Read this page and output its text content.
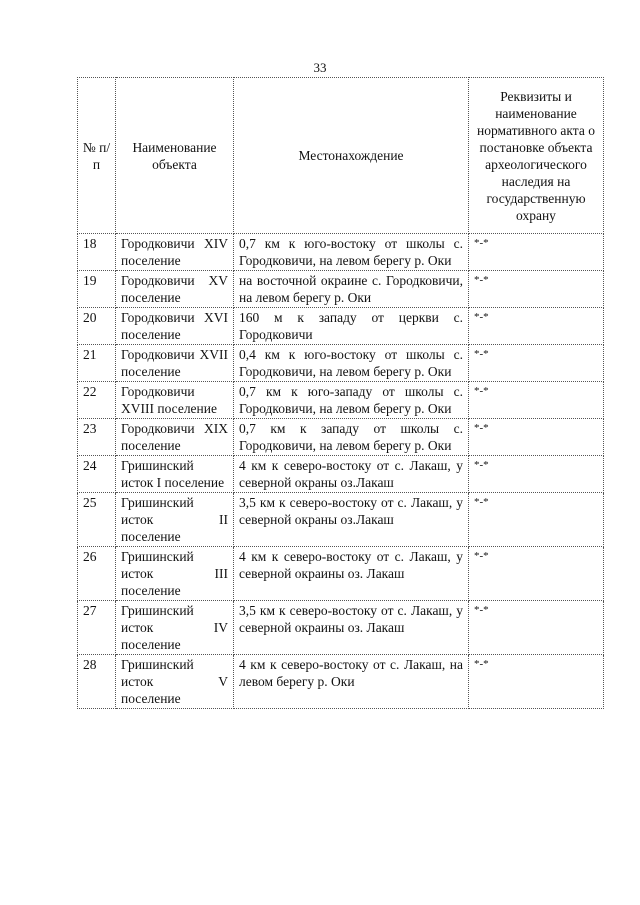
33
№ п/п	Наименование объекта	Местонахождение	Реквизиты и наименование нормативного акта о постановке объекта археологического наследия на государственную охрану
18	Городковичи XIV поселение	0,7 км к юго-востоку от школы с. Городковичи, на левом берегу р. Оки	*-*
19	Городковичи XV поселение	на восточной окраине с. Городковичи, на левом берегу р. Оки	*-*
20	Городковичи XVI поселение	160 м к западу от церкви с. Городковичи	*-*
21	Городковичи XVII поселение	0,4 км к юго-востоку от школы с. Городковичи, на левом берегу р. Оки	*-*
22	Городковичи XVIII поселение	0,7 км к юго-западу от школы с. Городковичи, на левом берегу р. Оки	*-*
23	Городковичи XIX поселение	0,7 км к западу от школы с. Городковичи, на левом берегу р. Оки	*-*
24	Гришинский исток I поселение	4 км к северо-востоку от с. Лакаш, у северной окраны оз.Лакаш	*-*
25	Гришинский исток II поселение	3,5 км к северо-востоку от с. Лакаш, у северной окраны оз.Лакаш	*-*
26	Гришинский исток III поселение	4 км к северо-востоку от с. Лакаш, у северной окраины оз. Лакаш	*-*
27	Гришинский исток IV поселение	3,5 км к северо-востоку от с. Лакаш, у северной окраины оз. Лакаш	*-*
28	Гришинский исток V поселение	4 км к северо-востоку от с. Лакаш, на левом берегу р. Оки	*-*
